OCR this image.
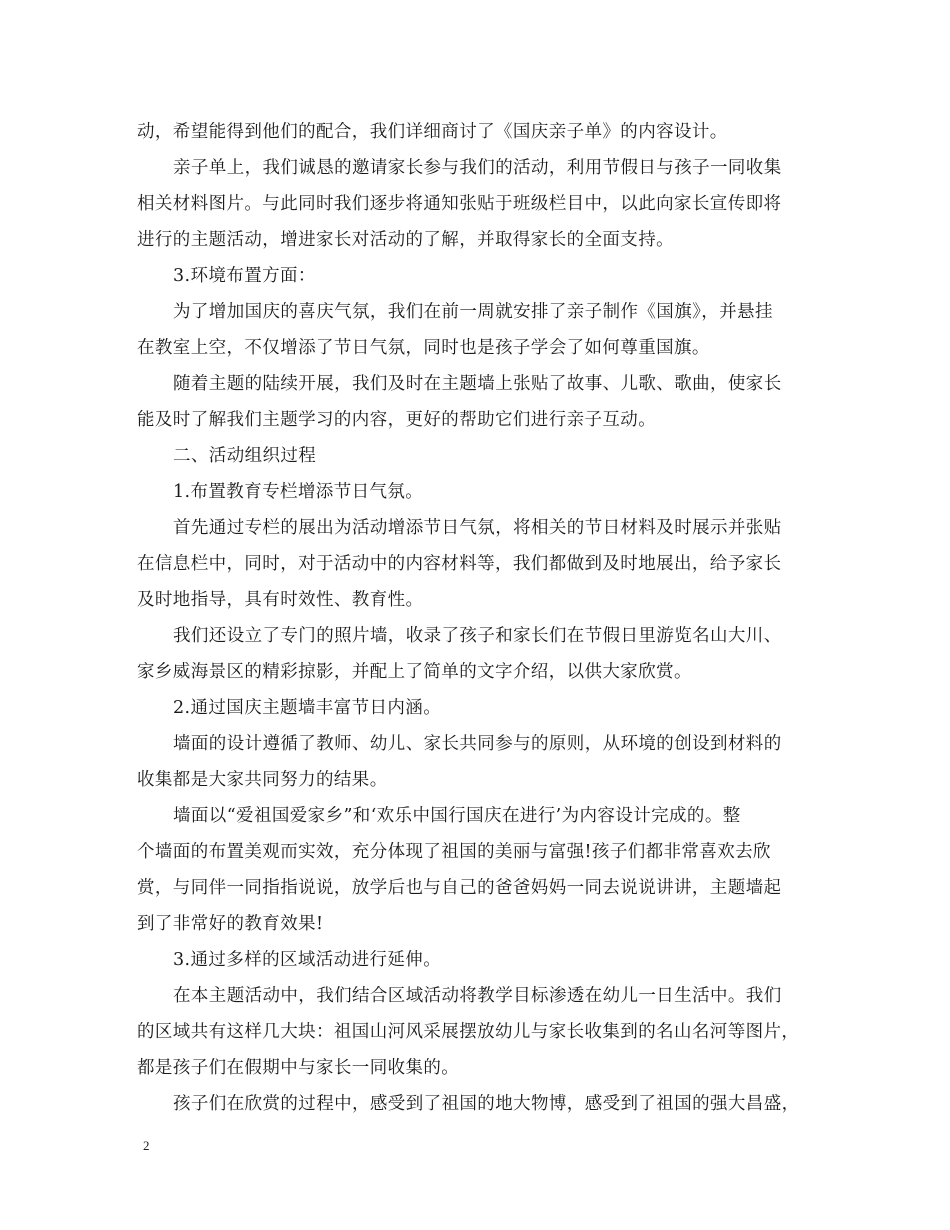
动，希望能得到他们的配合，我们详细商讨了《国庆亲子单》的内容设计。
亲子单上，我们诚恳的邀请家长参与我们的活动，利用节假日与孩子一同收集
相关材料图片。与此同时我们逐步将通知张贴于班级栏目中，以此向家长宣传即将
进行的主题活动，增进家长对活动的了解，并取得家长的全面支持。
3.环境布置方面：
为了增加国庆的喜庆气氛，我们在前一周就安排了亲子制作《国旗》，并悬挂
在教室上空，不仅增添了节日气氛，同时也是孩子学会了如何尊重国旗。
随着主题的陆续开展，我们及时在主题墙上张贴了故事、儿歌、歌曲，使家长
能及时了解我们主题学习的内容，更好的帮助它们进行亲子互动。
二、活动组织过程
1.布置教育专栏增添节日气氛。
首先通过专栏的展出为活动增添节日气氛，将相关的节日材料及时展示并张贴
在信息栏中，同时，对于活动中的内容材料等，我们都做到及时地展出，给予家长
及时地指导，具有时效性、教育性。
我们还设立了专门的照片墙，收录了孩子和家长们在节假日里游览名山大川、
家乡威海景区的精彩掠影，并配上了简单的文字介绍，以供大家欣赏。
2.通过国庆主题墙丰富节日内涵。
墙面的设计遵循了教师、幼儿、家长共同参与的原则，从环境的创设到材料的
收集都是大家共同努力的结果。
墙面以“爱祖国爱家乡”和‘欢乐中国行国庆在进行’为内容设计完成的。整
个墙面的布置美观而实效，充分体现了祖国的美丽与富强!孩子们都非常喜欢去欣
赏，与同伴一同指指说说，放学后也与自己的爸爸妈妈一同去说说讲讲，主题墙起
到了非常好的教育效果!
3.通过多样的区域活动进行延伸。
在本主题活动中，我们结合区域活动将教学目标渗透在幼儿一日生活中。我们
的区域共有这样几大块：祖国山河风采展摆放幼儿与家长收集到的名山名河等图片，
都是孩子们在假期中与家长一同收集的。
孩子们在欣赏的过程中，感受到了祖国的地大物博，感受到了祖国的强大昌盛，
2
